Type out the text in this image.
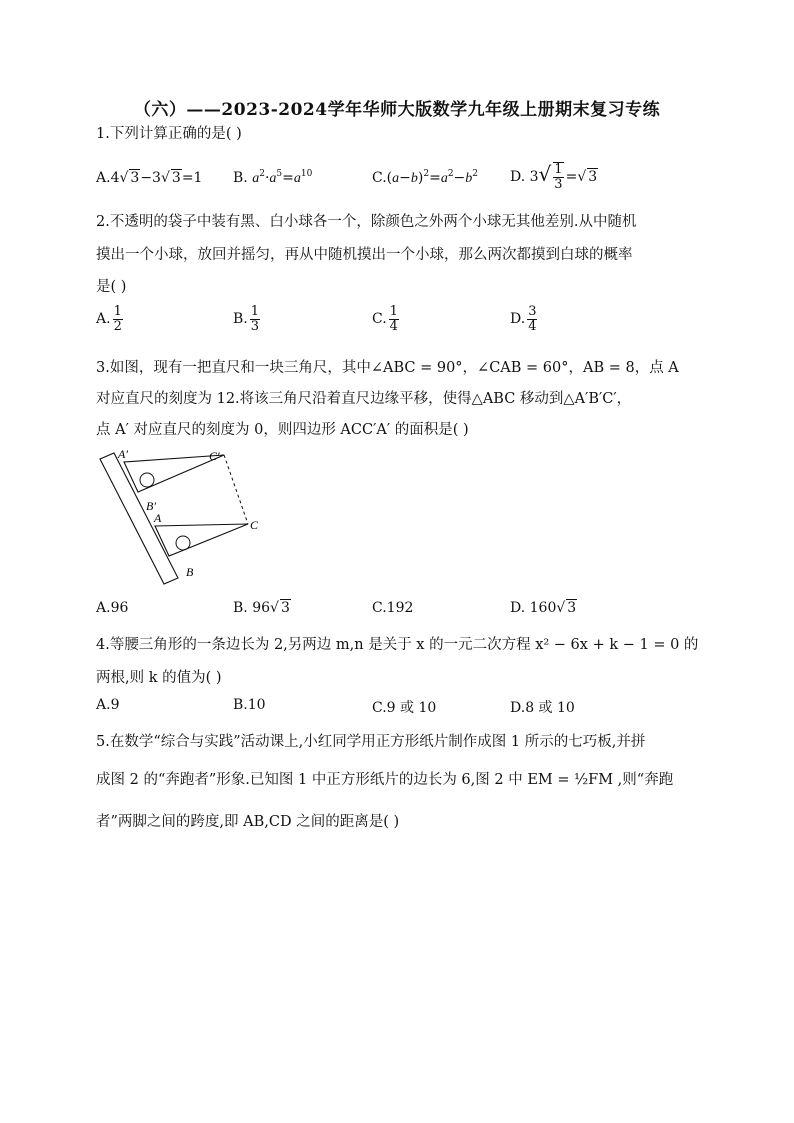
（六）——2023-2024学年华师大版数学九年级上册期末复习专练
1.下列计算正确的是( )
A.4√ 3−3√ 3=1 B. $a^2\cdot a^5=a^{10}$	$C.(a-b)^2=a^2-b^2$ D. $3√ \frac{1}{3}$ =√ 3
2.不透明的袋子中装有黑、白小球各一个，除颜色之外两个小球无其他差别.从中随机
摸出一个小球，放回并摇匀，再从中随机摸出一个小球，那么两次都摸到白球的概率
是( )
A. $\frac{1}{2}$	B. $\frac{1}{3}$	C. $\frac{1}{4}$	D. $\frac{3}{4}$
3.如图，现有一把直尺和一块三角尺，其中∠ABC = 90°，∠CAB = 60°，AB = 8，点 A
对应直尺的刻度为 12.将该三角尺沿着直尺边缘平移，使得△ABC 移动到△A′B′C′，
点 A′ 对应直尺的刻度为 0，则四边形 ACC′A′ 的面积是( )
A′	C′
B′
A	C
B
A.96	B. 96√ 3	C.192	D. 160√ 3
4.等腰三角形的一条边长为 2,另两边 m,n 是关于 x 的一元二次方程 x² − 6x + k − 1 = 0 的
两根,则 k 的值为( )
A.9	B.10	C.9 或 10	D.8 或 10
5.在数学“综合与实践”活动课上,小红同学用正方形纸片制作成图 1 所示的七巧板,并拼
成图 2 的“奔跑者”形象.已知图 1 中正方形纸片的边长为 6,图 2 中 EM = ½FM ,则“奔跑
者”两脚之间的跨度,即 AB,CD 之间的距离是( )
